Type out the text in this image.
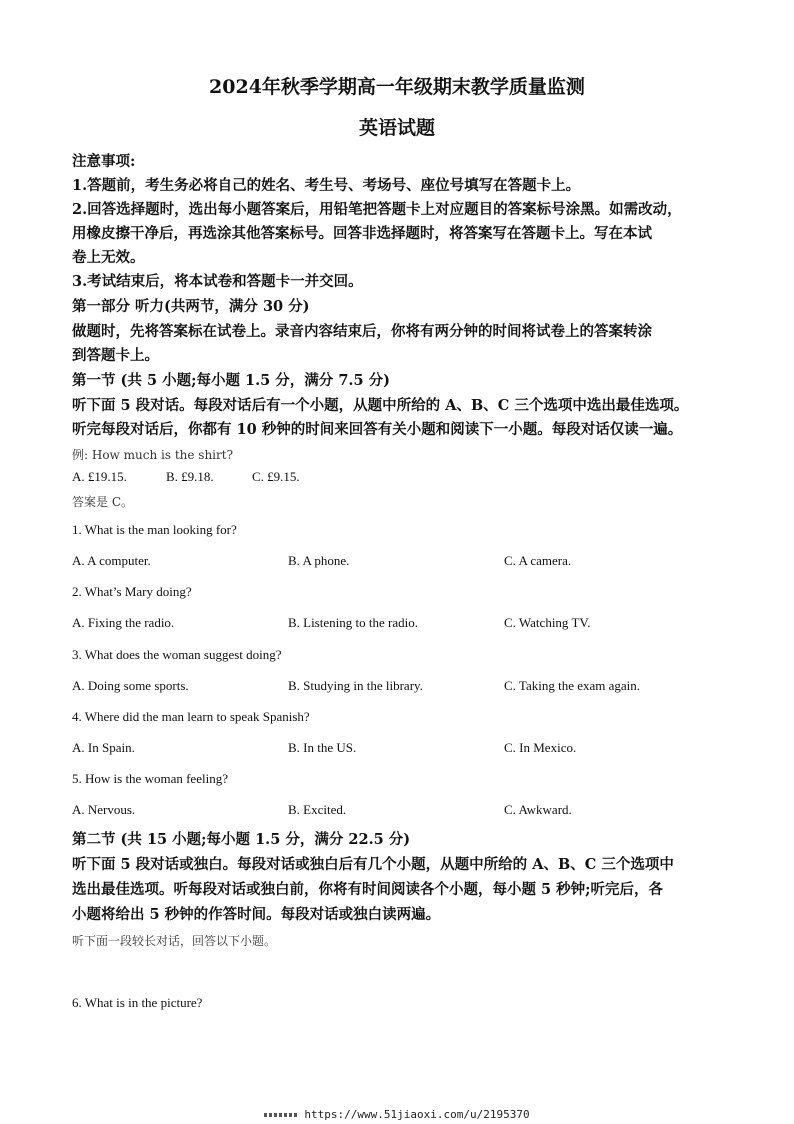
2024年秋季学期高一年级期末教学质量监测
英语试题
注意事项:
1.答题前，考生务必将自己的姓名、考生号、考场号、座位号填写在答题卡上。
2.回答选择题时，选出每小题答案后，用铅笔把答题卡上对应题目的答案标号涂黑。如需改动，
用橡皮擦干净后，再选涂其他答案标号。回答非选择题时，将答案写在答题卡上。写在本试
卷上无效。
3.考试结束后，将本试卷和答题卡一并交回。
第一部分 听力(共两节，满分 30 分)
做题时，先将答案标在试卷上。录音内容结束后，你将有两分钟的时间将试卷上的答案转涂
到答题卡上。
第一节 (共 5 小题;每小题 1.5 分，满分 7.5 分)
听下面 5 段对话。每段对话后有一个小题，从题中所给的 A、B、C 三个选项中选出最佳选项。
听完每段对话后，你都有 10 秒钟的时间来回答有关小题和阅读下一小题。每段对话仅读一遍。
例: How much is the shirt?
A. £19.15.	B. £9.18.	C. £9.15.
答案是 C。
1. What is the man looking for?
A. A computer.	B. A phone.	C. A camera.
2. What’s Mary doing?
A. Fixing the radio.	B. Listening to the radio.	C. Watching TV.
3. What does the woman suggest doing?
A. Doing some sports.	B. Studying in the library.	C. Taking the exam again.
4. Where did the man learn to speak Spanish?
A. In Spain.	B. In the US.	C. In Mexico.
5. How is the woman feeling?
A. Nervous.	B. Excited.	C. Awkward.
第二节 (共 15 小题;每小题 1.5 分，满分 22.5 分)
听下面 5 段对话或独白。每段对话或独白后有几个小题，从题中所给的 A、B、C 三个选项中
选出最佳选项。听每段对话或独白前，你将有时间阅读各个小题，每小题 5 秒钟;听完后，各
小题将给出 5 秒钟的作答时间。每段对话或独白读两遍。
听下面一段较长对话，回答以下小题。
6. What is in the picture?
https://www.51jiaoxi.com/u/2195370
